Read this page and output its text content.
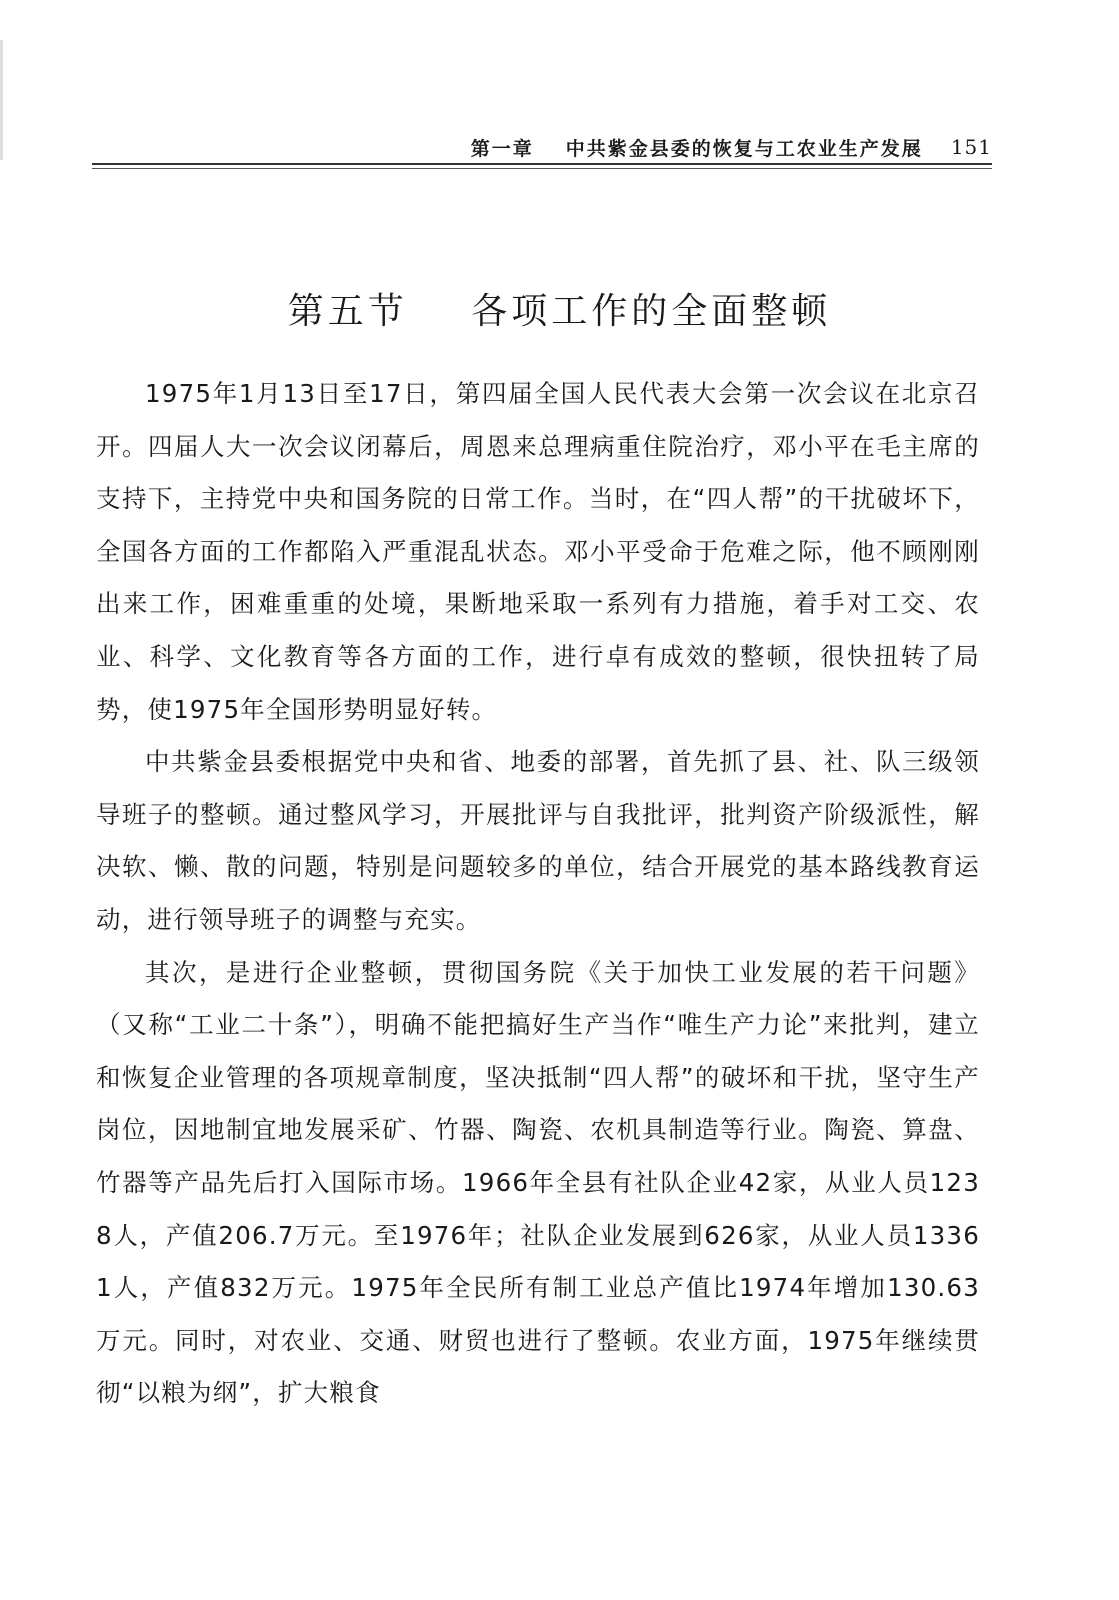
第一章 中共紫金县委的恢复与工农业生产发展 151
第五节 各项工作的全面整顿

1975年1月13日至17日，第四届全国人民代表大会第一次会议在北京召开。四届人大一次会议闭幕后，周恩来总理病重住院治疗，邓小平在毛主席的支持下，主持党中央和国务院的日常工作。当时，在“四人帮”的干扰破坏下，全国各方面的工作都陷入严重混乱状态。邓小平受命于危难之际，他不顾刚刚出来工作，困难重重的处境，果断地采取一系列有力措施，着手对工交、农业、科学、文化教育等各方面的工作，进行卓有成效的整顿，很快扭转了局势，使1975年全国形势明显好转。

中共紫金县委根据党中央和省、地委的部署，首先抓了县、社、队三级领导班子的整顿。通过整风学习，开展批评与自我批评，批判资产阶级派性，解决软、懒、散的问题，特别是问题较多的单位，结合开展党的基本路线教育运动，进行领导班子的调整与充实。

其次，是进行企业整顿，贯彻国务院《关于加快工业发展的若干问题》（又称“工业二十条”），明确不能把搞好生产当作“唯生产力论”来批判，建立和恢复企业管理的各项规章制度，坚决抵制“四人帮”的破坏和干扰，坚守生产岗位，因地制宜地发展采矿、竹器、陶瓷、农机具制造等行业。陶瓷、算盘、竹器等产品先后打入国际市场。1966年全县有社队企业42家，从业人员1238人，产值206.7万元。至1976年；社队企业发展到626家，从业人员13361人，产值832万元。1975年全民所有制工业总产值比1974年增加130.63万元。同时，对农业、交通、财贸也进行了整顿。农业方面，1975年继续贯彻“以粮为纲”，扩大粮食
